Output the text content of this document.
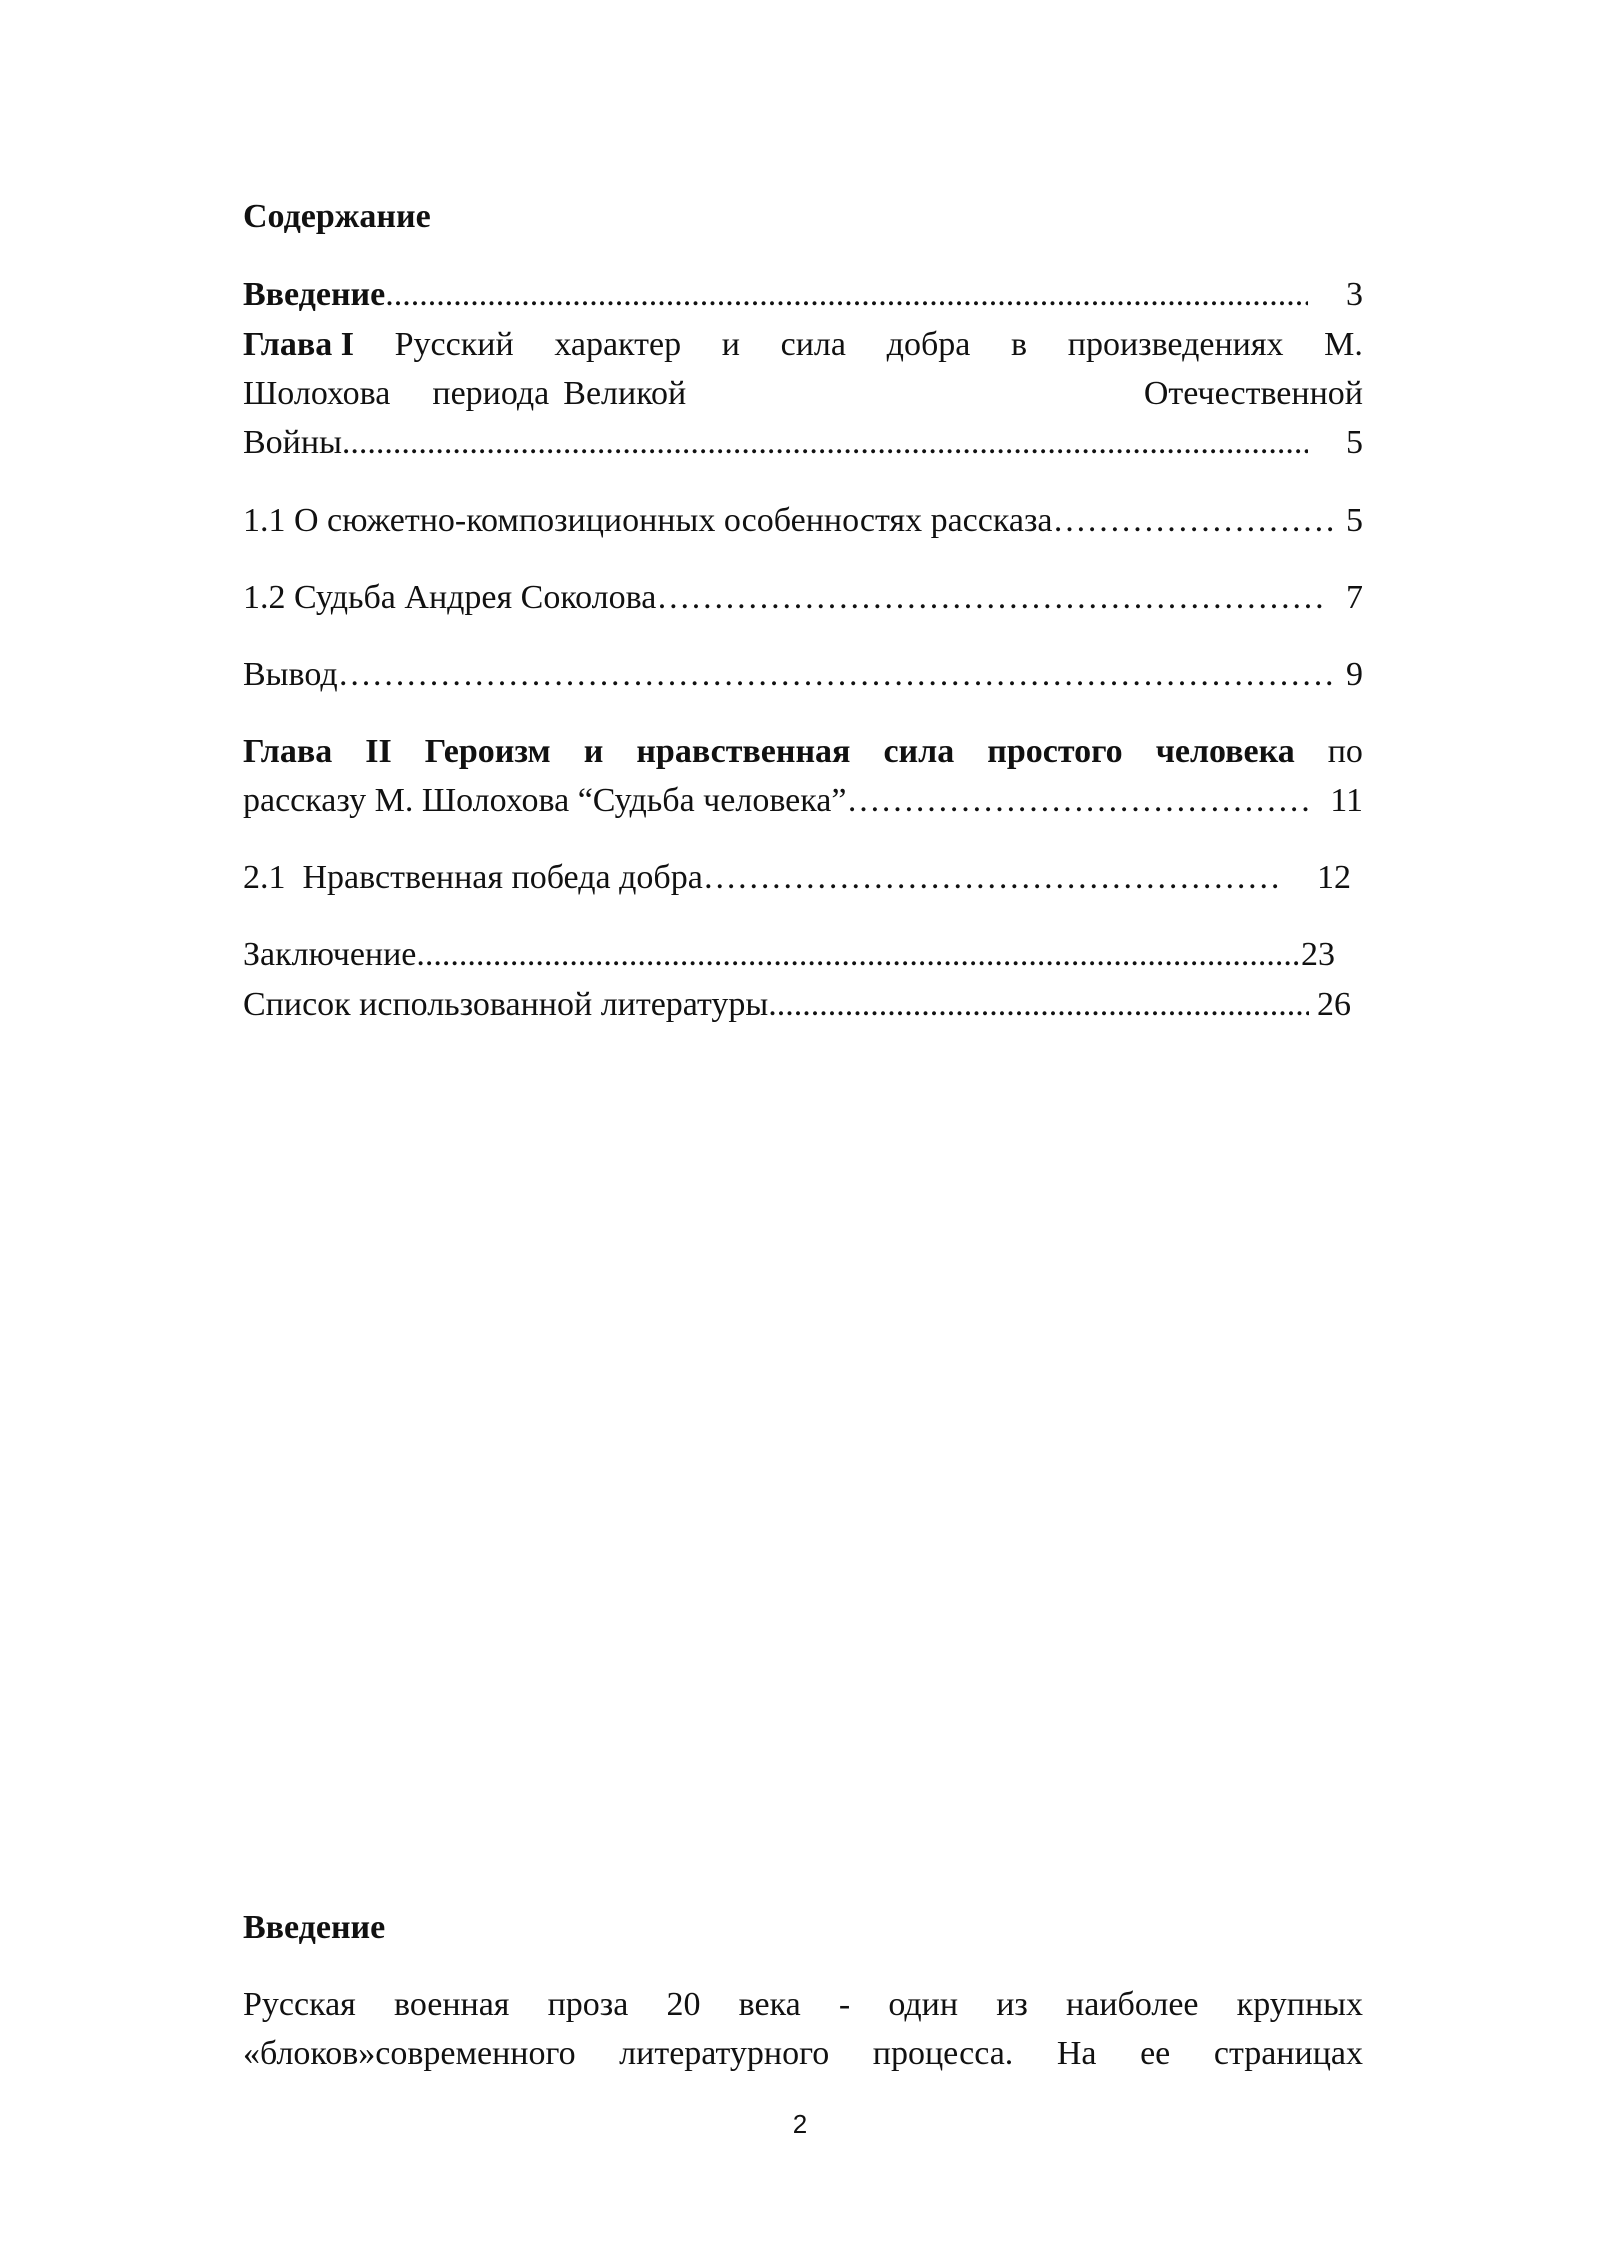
Содержание
Введение .....	3
Глава I Русский характер и сила добра в произведениях М.
Шолохова периода Великой	Отечественной
Войны .....	5
1.1 О сюжетно-композиционных особенностях рассказа ……………………………………………………………………………………………………………………………………………………………………………………………………………………………	5
1.2 Судьба Андрея Соколова ……………………………………………………………………………………………………………………………………………………………………………………………………………………………	7
Вывод ……………………………………………………………………………………………………………………………………………………………………………………………………………………………	9
Глава II Героизм и нравственная сила простого человека по
рассказу М. Шолохова “Судьба человека” ……………………………………………………………………………………………………………………………………………………………………………………………………………………………	11
2.1  Нравственная победа добра ……………………………………………………………………………………………………………………………………………………………………………………………………………………………	12
Заключение .....	23
Список использованной литературы .....	26
Введение
Русская военная проза 20 века - один из наиболее крупных
«блоков»современного литературного процесса. На ее страницах
2
